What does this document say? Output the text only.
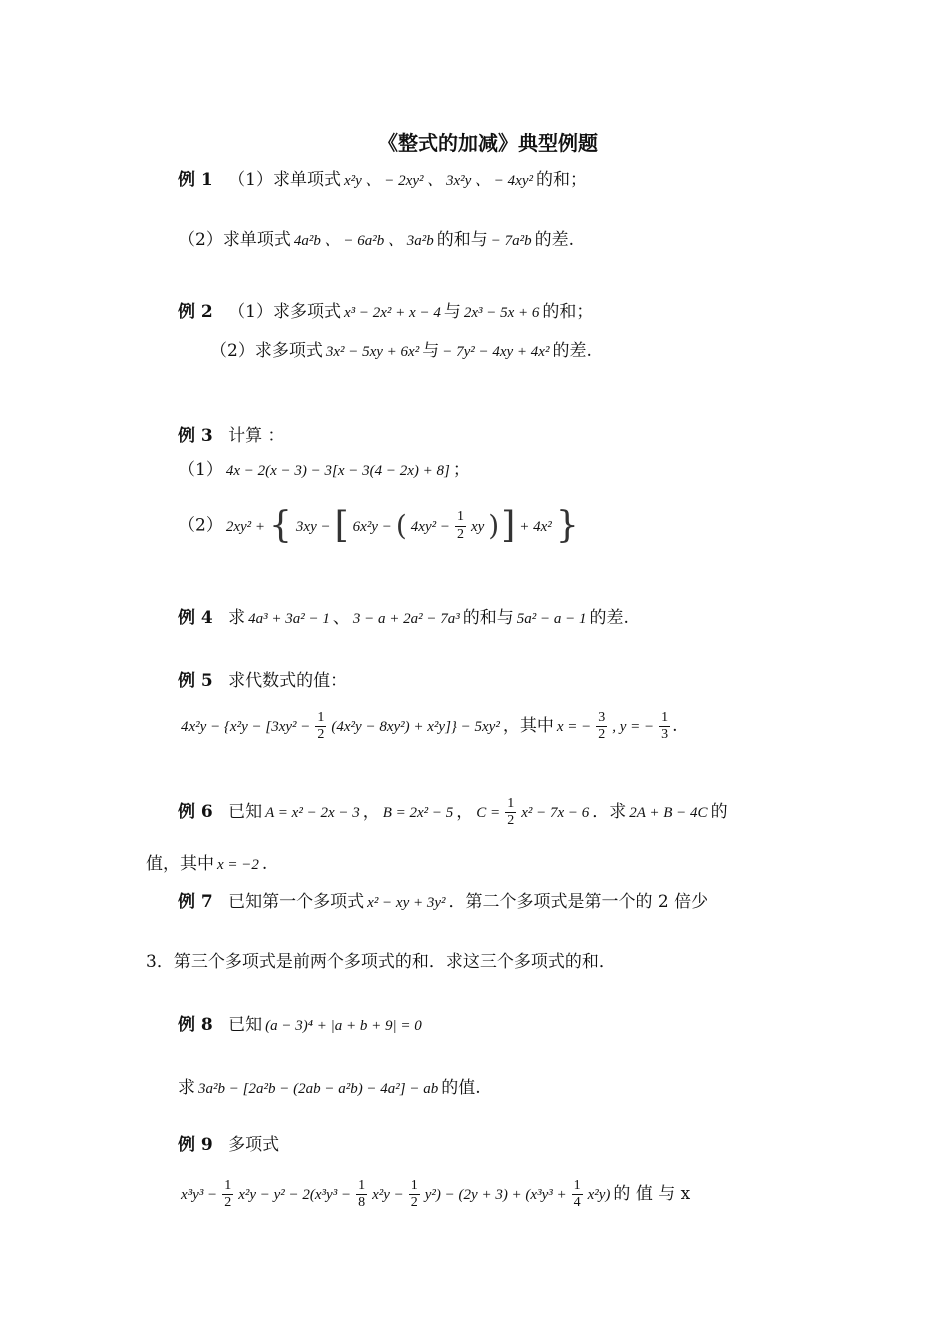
《整式的加减》典型例题
例 1 （1）求单项式 x²y 、 − 2xy² 、 3x²y 、 − 4xy² 的和；
（2）求单项式 4a²b 、 − 6a²b 、 3a²b 的和与 − 7a²b 的差.
例 2 （1）求多项式 x³ − 2x² + x − 4 与 2x³ − 5x + 6 的和；
（2）求多项式 3x² − 5xy + 6x² 与 − 7y² − 4xy + 4x² 的差.
例 3 计算 ：
（1） 4x − 2(x − 3) − 3[x − 3(4 − 2x) + 8] ；
（2） 2xy² + { 3xy − [ 6x²y − ( $4xy^2 - \frac{1}{2}$ xy )] + 4x² }
例 4 求 4a³ + 3a² − 1 、 3 − a + 2a² − 7a³ 的和与 5a² − a − 1 的差.
例 5 求代数式的值：
$4x^2y - \{x^2y - [3xy^2 - \frac{1}{2} (4x^2y - 8xy^2) + x^2y]\} - 5xy^2$ ，其中 x = − $\frac{3}{2}$ , y = − $\frac{1}{3}$ .
例 6 已知 A = x² − 2x − 3 ， B = 2x² − 5 ， $C = \frac{1}{2} x^2 - 7x - 6$ ．求 2A + B − 4C 的
值，其中 x = −2 .
例 7 已知第一个多项式 x² − xy + 3y² ．第二个多项式是第一个的 2 倍少
3．第三个多项式是前两个多项式的和．求这三个多项式的和．
例 8 已知 (a − 3)⁴ + |a + b + 9| = 0
求 3a²b − [2a²b − (2ab − a²b) − 4a²] − ab 的值.
例 9 多项式
$x^3y^3 - \frac{1}{2} x^2y - y^2 - 2(x^3y^3 - \frac{1}{8} x^2y - \frac{1}{2} y^2) - (2y + 3) + (x^3y^3 + \frac{1}{4} x^2y)$ 的 值 与 x
